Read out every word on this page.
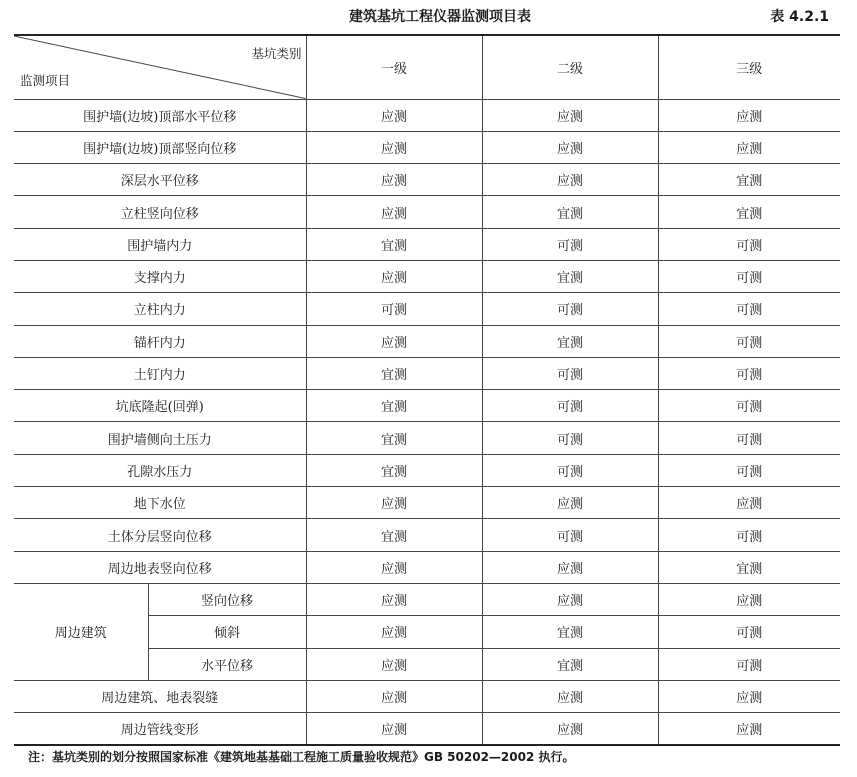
建筑基坑工程仪器监测项目表	表 4.2.1
基坑类别
监测项目		一级	二级	三级
围护墙(边坡)顶部水平位移		应测	应测	应测
围护墙(边坡)顶部竖向位移		应测	应测	应测
深层水平位移		应测	应测	宜测
立柱竖向位移		应测	宜测	宜测
围护墙内力		宜测	可测	可测
支撑内力		应测	宜测	可测
立柱内力		可测	可测	可测
锚杆内力		应测	宜测	可测
土钉内力		宜测	可测	可测
坑底隆起(回弹)		宜测	可测	可测
围护墙侧向土压力		宜测	可测	可测
孔隙水压力		宜测	可测	可测
地下水位		应测	应测	应测
土体分层竖向位移		宜测	可测	可测
周边地表竖向位移		应测	应测	宜测
周边建筑	竖向位移	应测	应测	应测
	倾斜	应测	宜测	可测
	水平位移	应测	宜测	可测
周边建筑、地表裂缝		应测	应测	应测
周边管线变形		应测	应测	应测
注：基坑类别的划分按照国家标准《建筑地基基础工程施工质量验收规范》GB 50202—2002 执行。
